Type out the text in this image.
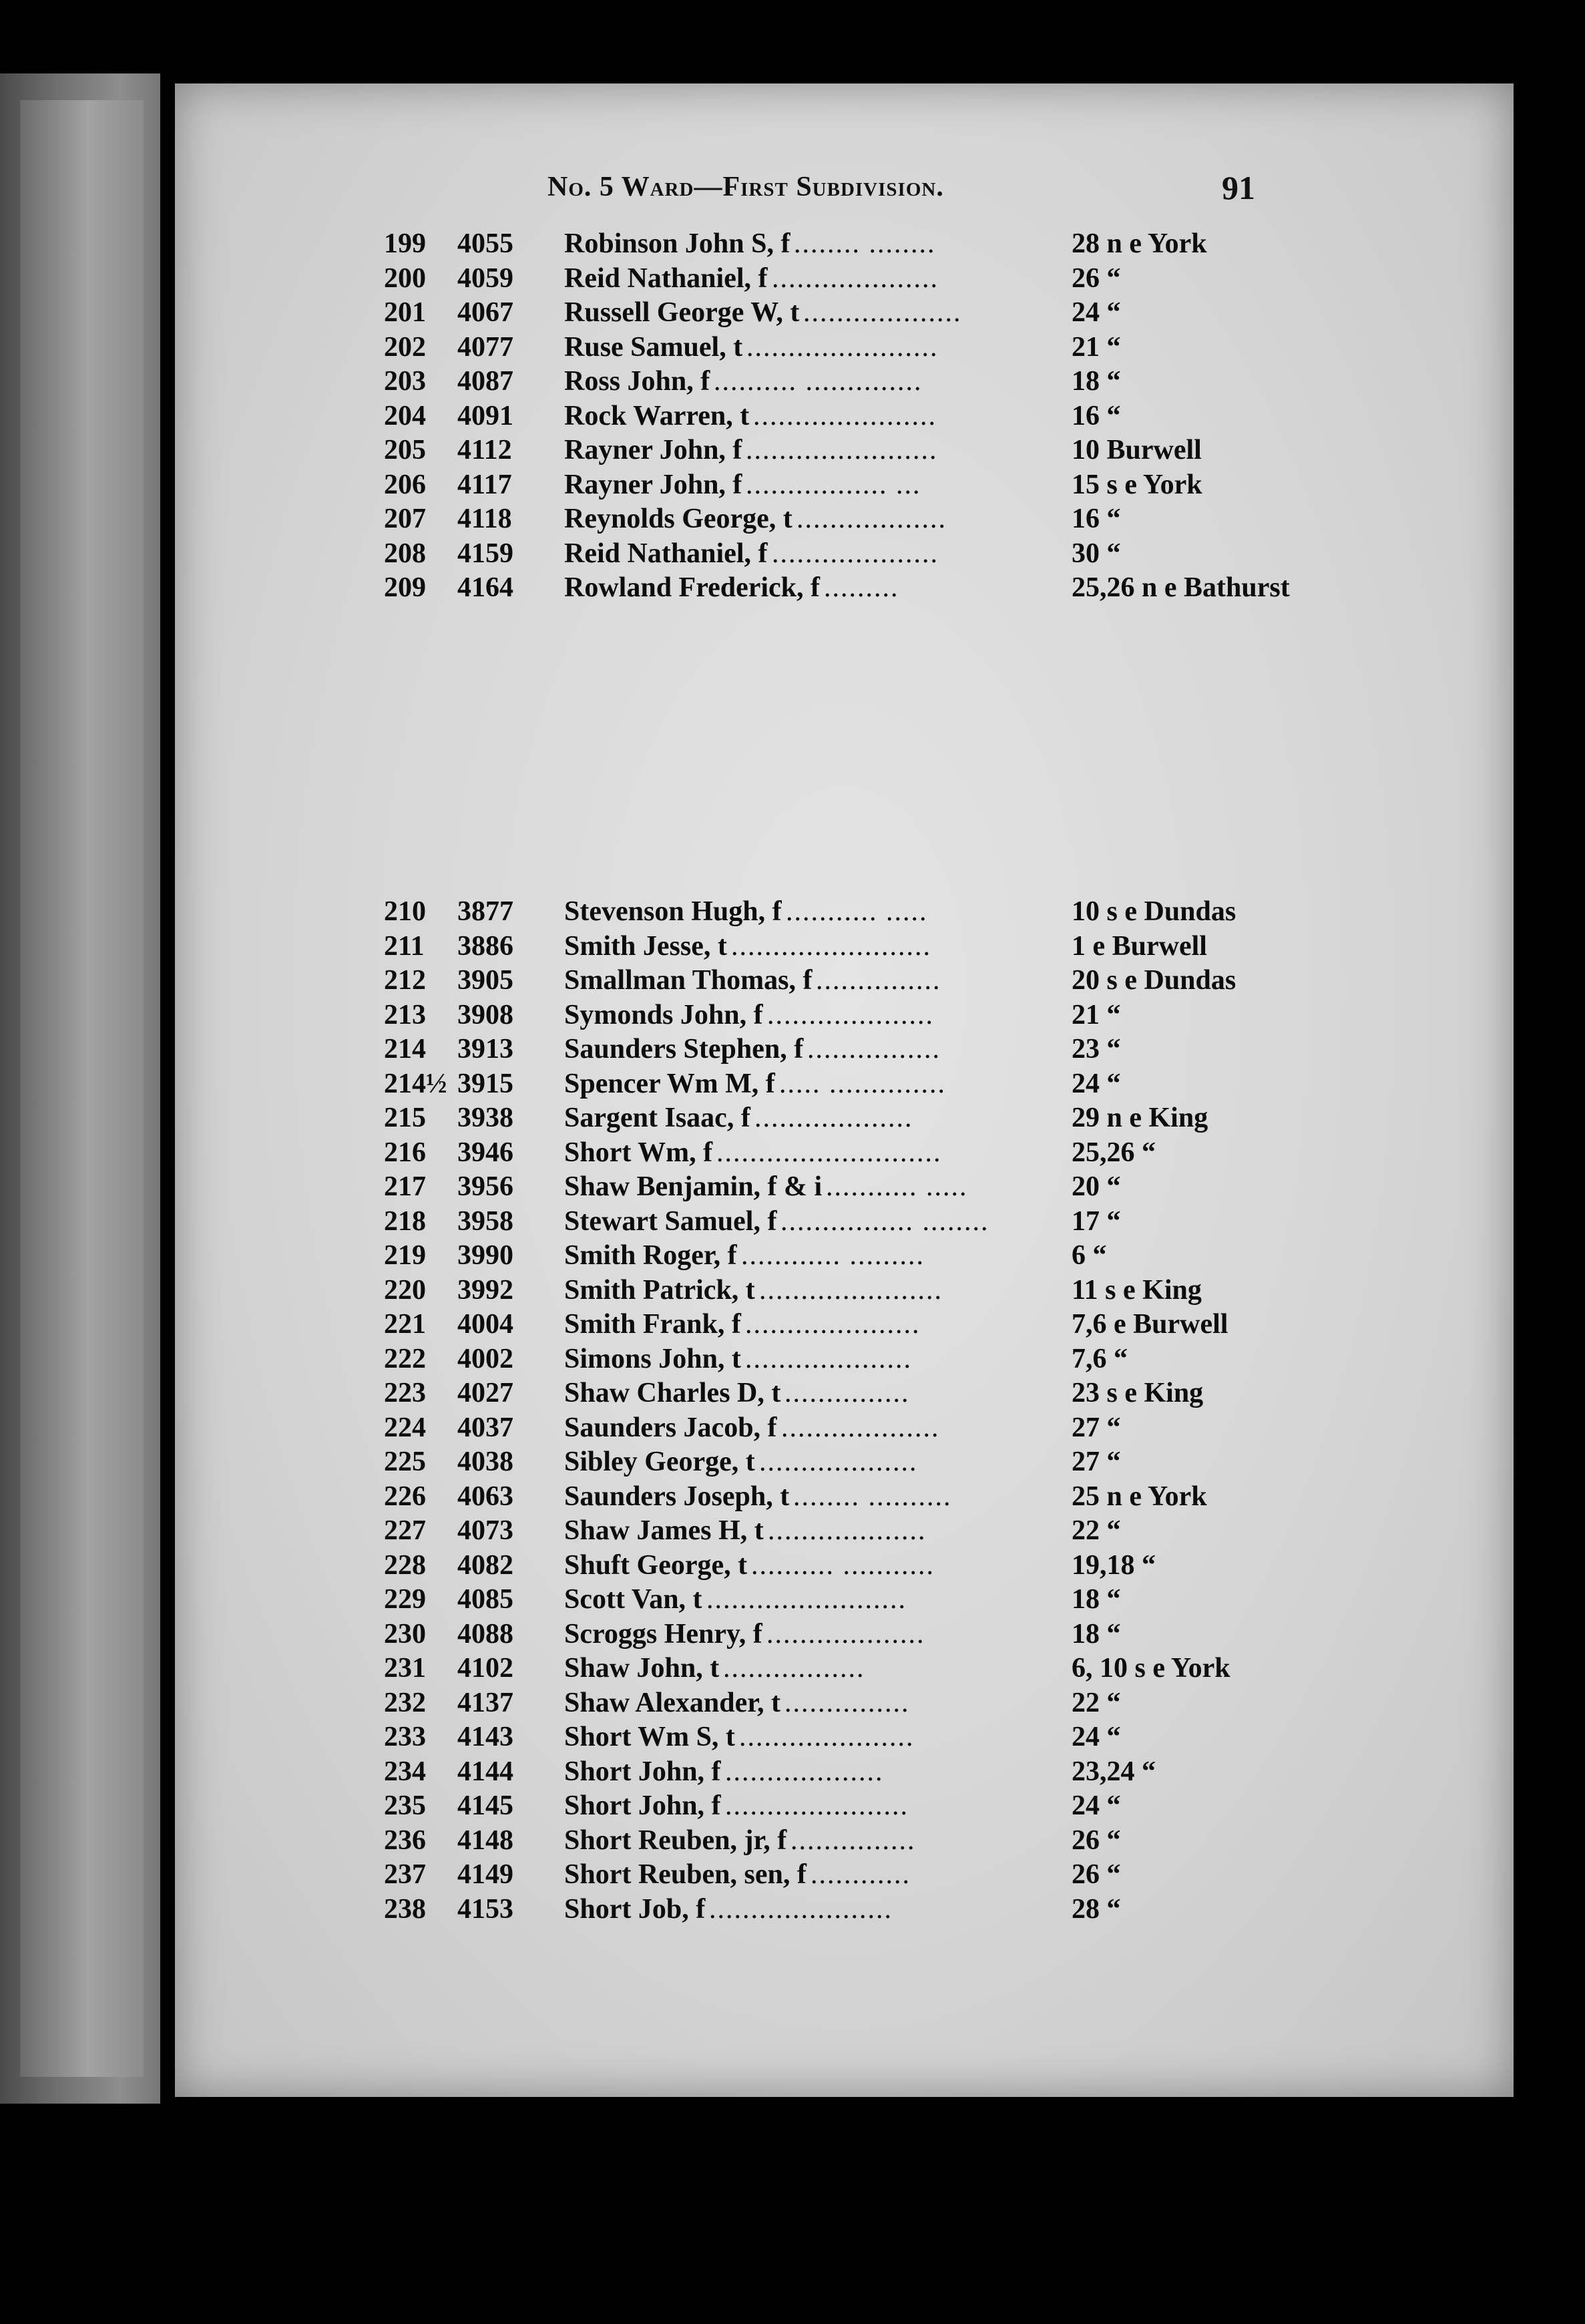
No. 5 Ward—First Subdivision.	91
199	4055	Robinson John S, f ........ ........	28 n e York
200	4059	Reid Nathaniel, f ....................	26 “
201	4067	Russell George W, t ...................	24 “
202	4077	Ruse Samuel, t .......................	21 “
203	4087	Ross John, f .......... ..............	18 “
204	4091	Rock Warren, t ......................	16 “
205	4112	Rayner John, f .......................	10 Burwell
206	4117	Rayner John, f ................. ...	15 s e York
207	4118	Reynolds George, t ..................	16 “
208	4159	Reid Nathaniel, f ....................	30 “
209	4164	Rowland Frederick, f .........	25,26 n e Bathurst
210	3877	Stevenson Hugh, f ........... .....	10 s e Dundas
211	3886	Smith Jesse, t ........................	1 e Burwell
212	3905	Smallman Thomas, f ...............	20 s e Dundas
213	3908	Symonds John, f ....................	21 “
214	3913	Saunders Stephen, f ................	23 “
214½ 3915	Spencer Wm M, f ..... ..............	24 “
215	3938	Sargent Isaac, f ...................	29 n e King
216	3946	Short Wm, f ...........................	25,26 “
217	3956	Shaw Benjamin, f & i ........... .....	20 “
218	3958	Stewart Samuel, f ................ ........	17 “
219	3990	Smith Roger, f ............ .........	6 “
220	3992	Smith Patrick, t ......................	11 s e King
221	4004	Smith Frank, f .....................	7,6 e Burwell
222	4002	Simons John, t ....................	7,6 “
223	4027	Shaw Charles D, t ...............	23 s e King
224	4037	Saunders Jacob, f ...................	27 “
225	4038	Sibley George, t ...................	27 “
226	4063	Saunders Joseph, t ........ ..........	25 n e York
227	4073	Shaw James H, t ...................	22 “
228	4082	Shuft George, t .......... ...........	19,18 “
229	4085	Scott Van, t ........................	18 “
230	4088	Scroggs Henry, f ...................	18 “
231	4102	Shaw John, t .................	6, 10 s e York
232	4137	Shaw Alexander, t ...............	22 “
233	4143	Short Wm S, t .....................	24 “
234	4144	Short John, f ...................	23,24 “
235	4145	Short John, f ......................	24 “
236	4148	Short Reuben, jr, f ...............	26 “
237	4149	Short Reuben, sen, f ............	26 “
238	4153	Short Job, f ......................	28 “
